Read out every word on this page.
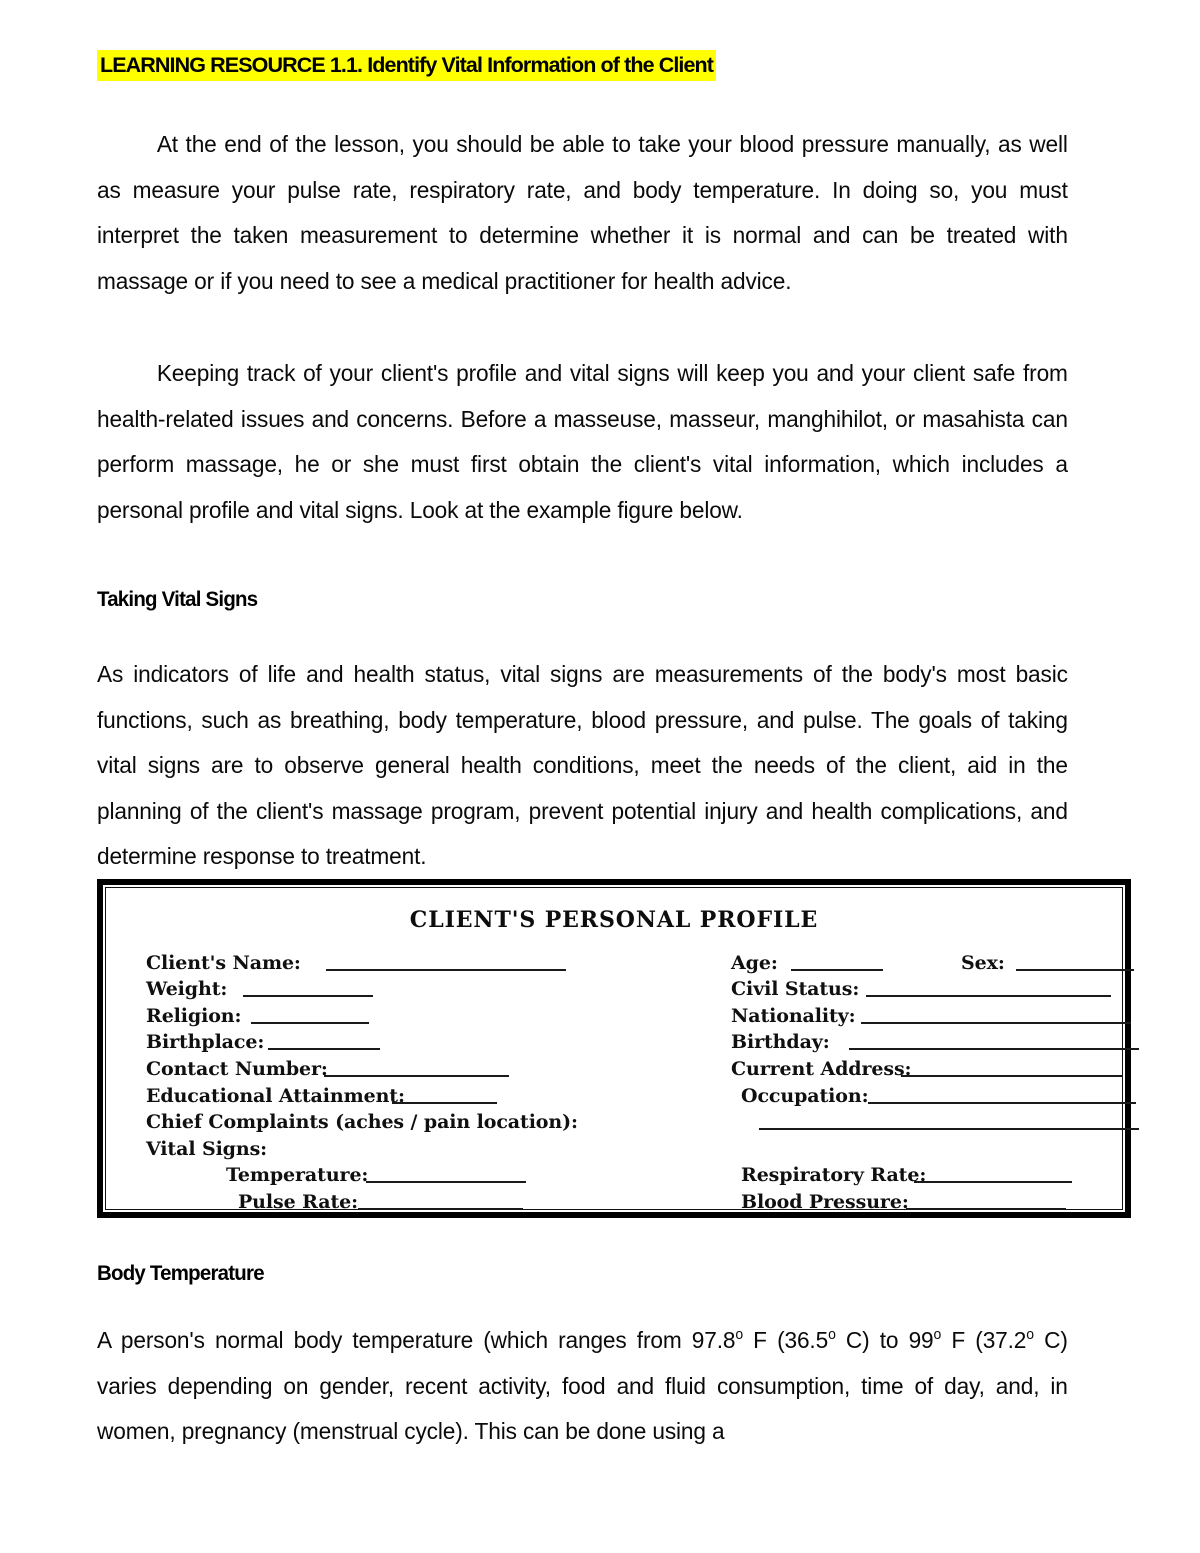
LEARNING RESOURCE 1.1. Identify Vital Information of the Client
At the end of the lesson, you should be able to take your blood pressure manually, as well as measure your pulse rate, respiratory rate, and body temperature. In doing so, you must interpret the taken measurement to determine whether it is normal and can be treated with massage or if you need to see a medical practitioner for health advice.
Keeping track of your client's profile and vital signs will keep you and your client safe from health-related issues and concerns. Before a masseuse, masseur, manghihilot, or masahista can perform massage, he or she must first obtain the client's vital information, which includes a personal profile and vital signs. Look at the example figure below.
Taking Vital Signs
As indicators of life and health status, vital signs are measurements of the body's most basic functions, such as breathing, body temperature, blood pressure, and pulse. The goals of taking vital signs are to observe general health conditions, meet the needs of the client, aid in the planning of the client's massage program, prevent potential injury and health complications, and determine response to treatment.
CLIENT'S PERSONAL PROFILE
Client's Name:	Age:	Sex:
Weight:	Civil Status:
Religion:	Nationality:
Birthplace:	Birthday:
Contact Number:	Current Address:
Educational Attainment:	Occupation:
Chief Complaints (aches / pain location):
Vital Signs:
Temperature:	Respiratory Rate:
Pulse Rate:	Blood Pressure:
Body Temperature
A person's normal body temperature (which ranges from 97.8$^o$ F (36.5$^o$ C) to 99$^o$ F (37.2$^o$ C) varies depending on gender, recent activity, food and fluid consumption, time of day, and, in women, pregnancy (menstrual cycle). This can be done using a
